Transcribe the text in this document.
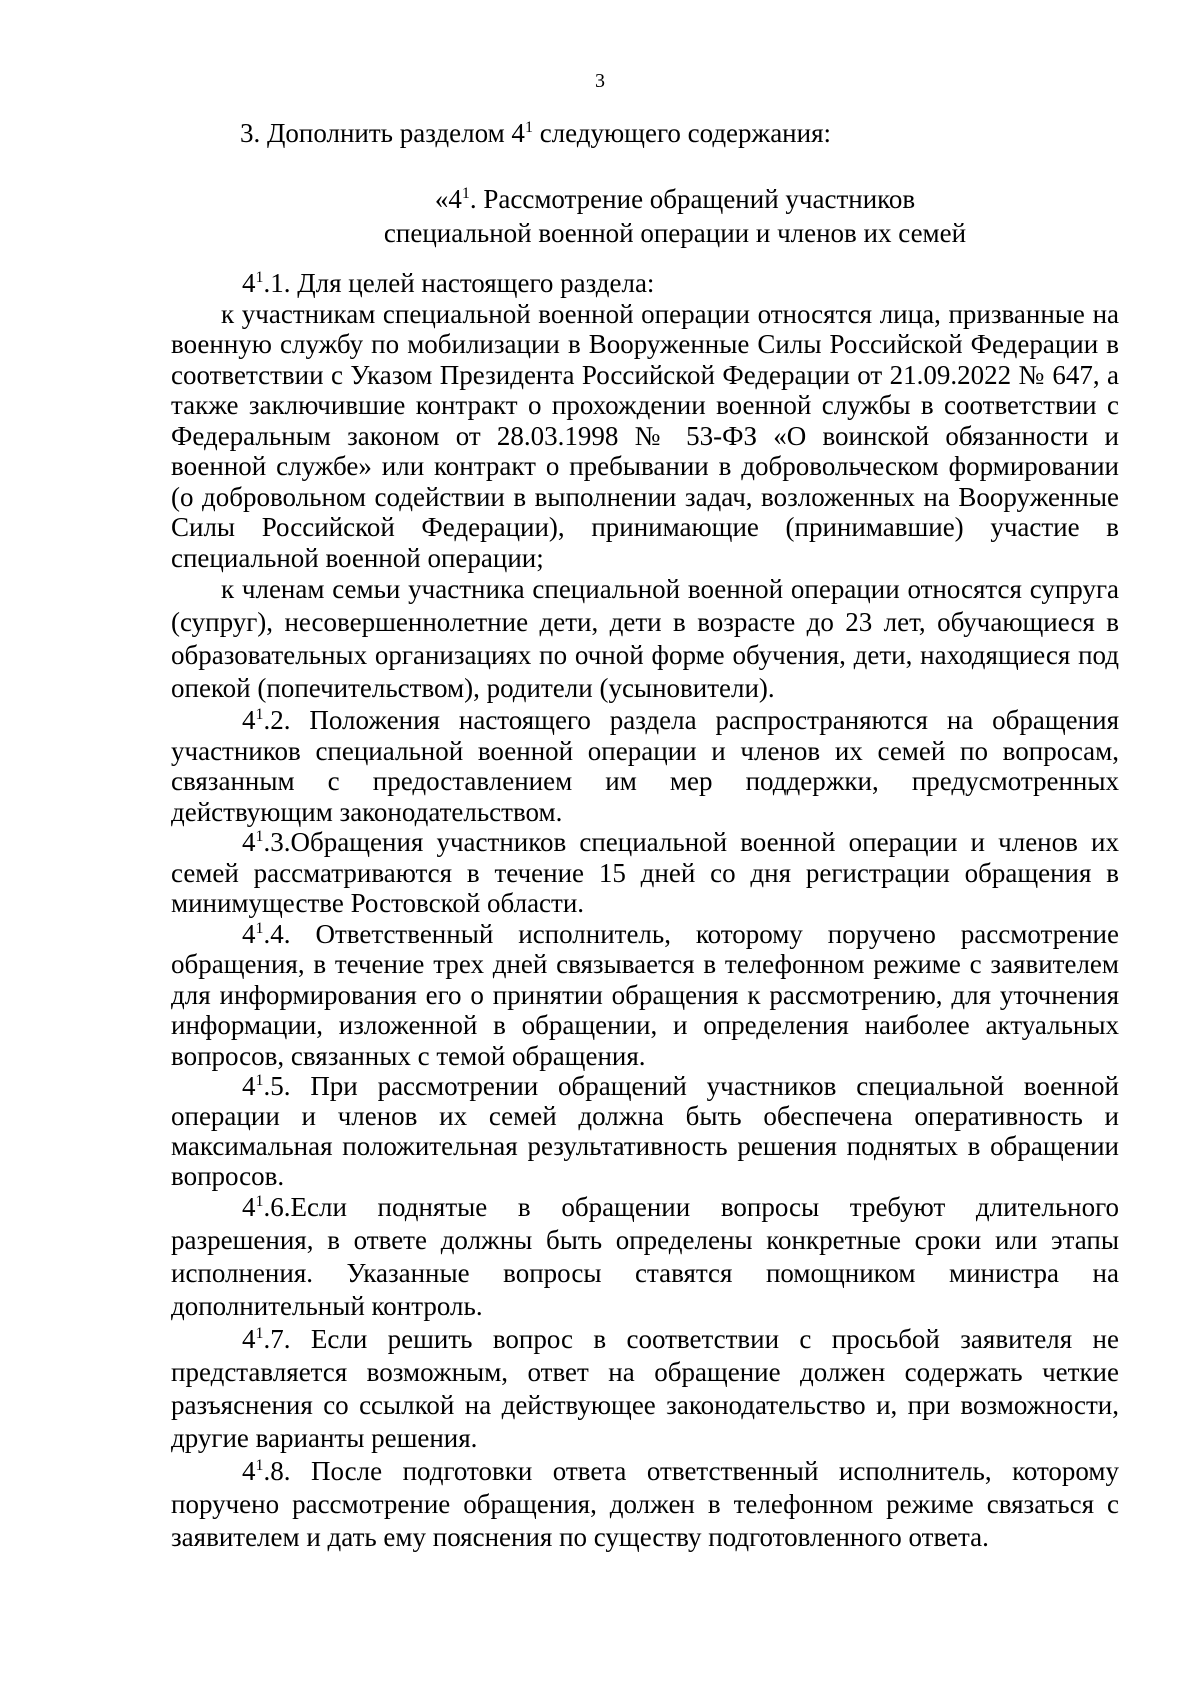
3
3. Дополнить разделом $4^1$ следующего содержания:
«$4^1$. Рассмотрение обращений участников
специальной военной операции и членов их семей

$4^1.1$. Для целей настоящего раздела:

к участникам специальной военной операции относятся лица, призванные на военную службу по мобилизации в Вооруженные Силы Российской Федерации в соответствии с Указом Президента Российской Федерации от 21.09.2022 № 647, а также заключившие контракт о прохождении военной службы в соответствии с Федеральным законом от 28.03.1998 № 53-ФЗ «О воинской обязанности и военной службе» или контракт о пребывании в добровольческом формировании (о добровольном содействии в выполнении задач, возложенных на Вооруженные Силы Российской Федерации), принимающие (принимавшие) участие в специальной военной операции;

к членам семьи участника специальной военной операции относятся супруга (супруг), несовершеннолетние дети, дети в возрасте до 23 лет, обучающиеся в образовательных организациях по очной форме обучения, дети, находящиеся под опекой (попечительством), родители (усыновители).

$4^1.2$. Положения настоящего раздела распространяются на обращения участников специальной военной операции и членов их семей по вопросам, связанным с предоставлением им мер поддержки, предусмотренных действующим законодательством.

$4^1.3.Обращения$ участников специальной военной операции и членов их семей рассматриваются в течение 15 дней со дня регистрации обращения в минимуществе Ростовской области.

$4^1.4$. Ответственный исполнитель, которому поручено рассмотрение обращения, в течение трех дней связывается в телефонном режиме с заявителем для информирования его о принятии обращения к рассмотрению, для уточнения информации, изложенной в обращении, и определения наиболее актуальных вопросов, связанных с темой обращения.

$4^1.5$. При рассмотрении обращений участников специальной военной операции и членов их семей должна быть обеспечена оперативность и максимальная положительная результативность решения поднятых в обращении вопросов.

$4^1.6.Если$ поднятые в обращении вопросы требуют длительного разрешения, в ответе должны быть определены конкретные сроки или этапы исполнения. Указанные вопросы ставятся помощником министра на дополнительный контроль.

$4^1.7$. Если решить вопрос в соответствии с просьбой заявителя не представляется возможным, ответ на обращение должен содержать четкие разъяснения со ссылкой на действующее законодательство и, при возможности, другие варианты решения.

$4^1.8$. После подготовки ответа ответственный исполнитель, которому поручено рассмотрение обращения, должен в телефонном режиме связаться с заявителем и дать ему пояснения по существу подготовленного ответа.
